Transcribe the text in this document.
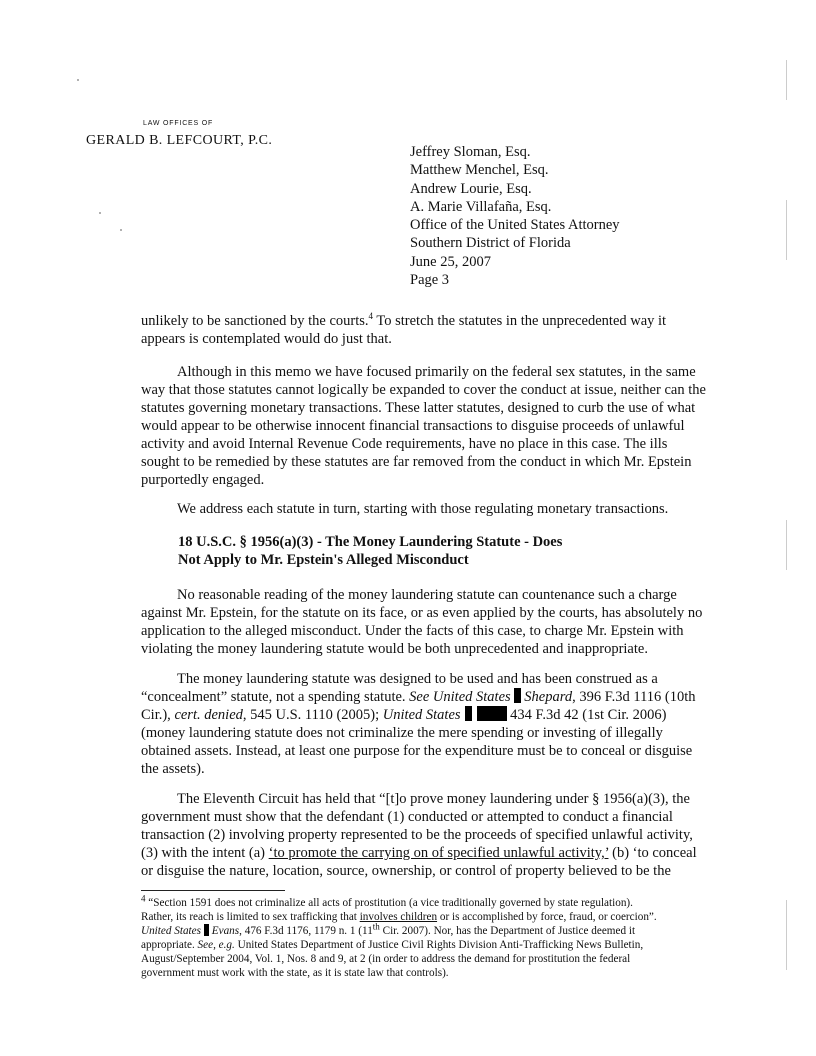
LAW OFFICES OF
GERALD B. LEFCOURT, P.C.
Jeffrey Sloman, Esq.
Matthew Menchel, Esq.
Andrew Lourie, Esq.
A. Marie Villafaña, Esq.
Office of the United States Attorney
Southern District of Florida
June 25, 2007
Page 3
unlikely to be sanctioned by the courts.$^4$ To stretch the statutes in the unprecedented way it
appears is contemplated would do just that.
Although in this memo we have focused primarily on the federal sex statutes, in the same
way that those statutes cannot logically be expanded to cover the conduct at issue, neither can the
statutes governing monetary transactions. These latter statutes, designed to curb the use of what
would appear to be otherwise innocent financial transactions to disguise proceeds of unlawful
activity and avoid Internal Revenue Code requirements, have no place in this case. The ills
sought to be remedied by these statutes are far removed from the conduct in which Mr. Epstein
purportedly engaged.
We address each statute in turn, starting with those regulating monetary transactions.
18 U.S.C. § 1956(a)(3) - The Money Laundering Statute - Does
Not Apply to Mr. Epstein's Alleged Misconduct
No reasonable reading of the money laundering statute can countenance such a charge
against Mr. Epstein, for the statute on its face, or as even applied by the courts, has absolutely no
application to the alleged misconduct. Under the facts of this case, to charge Mr. Epstein with
violating the money laundering statute would be both unprecedented and inappropriate.
The money laundering statute was designed to be used and has been construed as a
“concealment” statute, not a spending statute. See United States Shepard, 396 F.3d 1116 (10th
Cir.), cert. denied, 545 U.S. 1110 (2005); United States	434 F.3d 42 (1st Cir. 2006)
(money laundering statute does not criminalize the mere spending or investing of illegally
obtained assets. Instead, at least one purpose for the expenditure must be to conceal or disguise
the assets).
The Eleventh Circuit has held that “[t]o prove money laundering under § 1956(a)(3), the
government must show that the defendant (1) conducted or attempted to conduct a financial
transaction (2) involving property represented to be the proceeds of specified unlawful activity,
(3) with the intent (a) ‘to promote the carrying on of specified unlawful activity,’ (b) ‘to conceal
or disguise the nature, location, source, ownership, or control of property believed to be the
$^4$ “Section 1591 does not criminalize all acts of prostitution (a vice traditionally governed by state regulation).
Rather, its reach is limited to sex trafficking that involves children or is accomplished by force, fraud, or coercion”.
United States Evans, 476 F.3d 1176, 1179 n. 1 (11th Cir. 2007). Nor, has the Department of Justice deemed it
appropriate. See, e.g. United States Department of Justice Civil Rights Division Anti-Trafficking News Bulletin,
August/September 2004, Vol. 1, Nos. 8 and 9, at 2 (in order to address the demand for prostitution the federal
government must work with the state, as it is state law that controls).
